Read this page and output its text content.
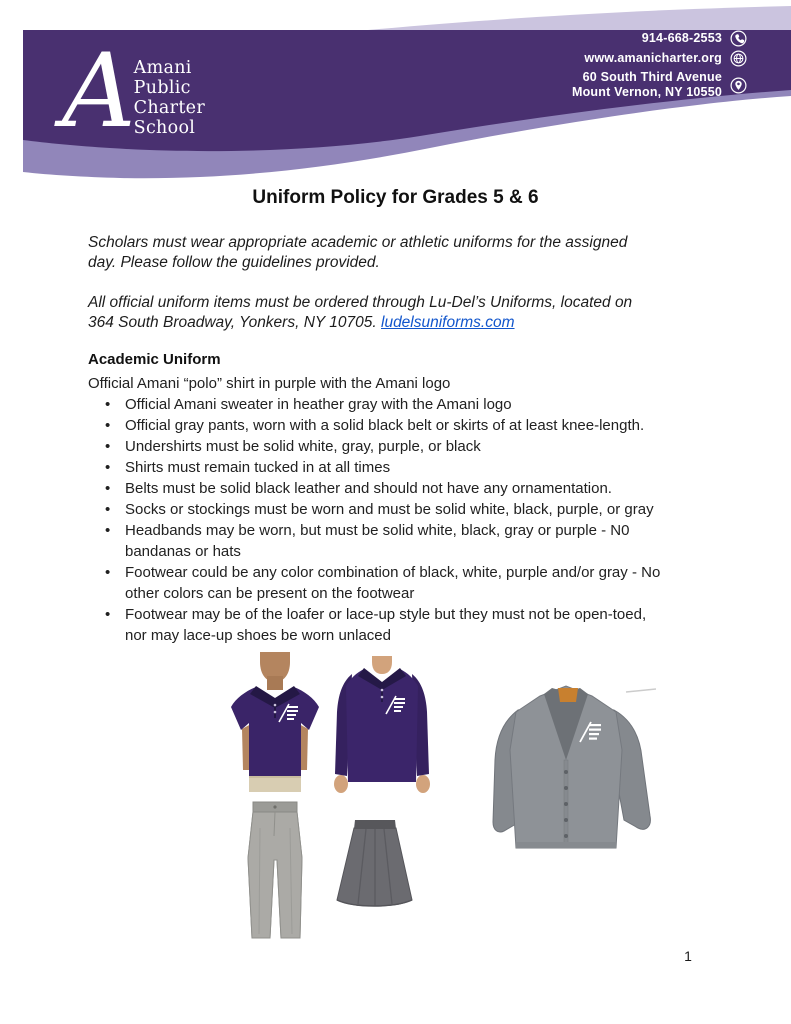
A Amani
Public
Charter
School
914-668-2553
www.amanicharter.org
60 South Third Avenue
Mount Vernon, NY 10550
Uniform Policy for Grades 5 & 6

Scholars must wear appropriate academic or athletic uniforms for the assigned
day. Please follow the guidelines provided.

All official uniform items must be ordered through Lu-Del’s Uniforms, located on
364 South Broadway, Yonkers, NY 10705. ludelsuniforms.com

Academic Uniform
Official Amani “polo” shirt in purple with the Amani logo
• Official Amani sweater in heather gray with the Amani logo
• Official gray pants, worn with a solid black belt or skirts of at least knee-length.
• Undershirts must be solid white, gray, purple, or black
• Shirts must remain tucked in at all times
• Belts must be solid black leather and should not have any ornamentation.
• Socks or stockings must be worn and must be solid white, black, purple, or gray
• Headbands may be worn, but must be solid white, black, gray or purple - N0
bandanas or hats
• Footwear could be any color combination of black, white, purple and/or gray - No
other colors can be present on the footwear
• Footwear may be of the loafer or lace-up style but they must not be open-toed,
nor may lace-up shoes be worn unlaced
1
